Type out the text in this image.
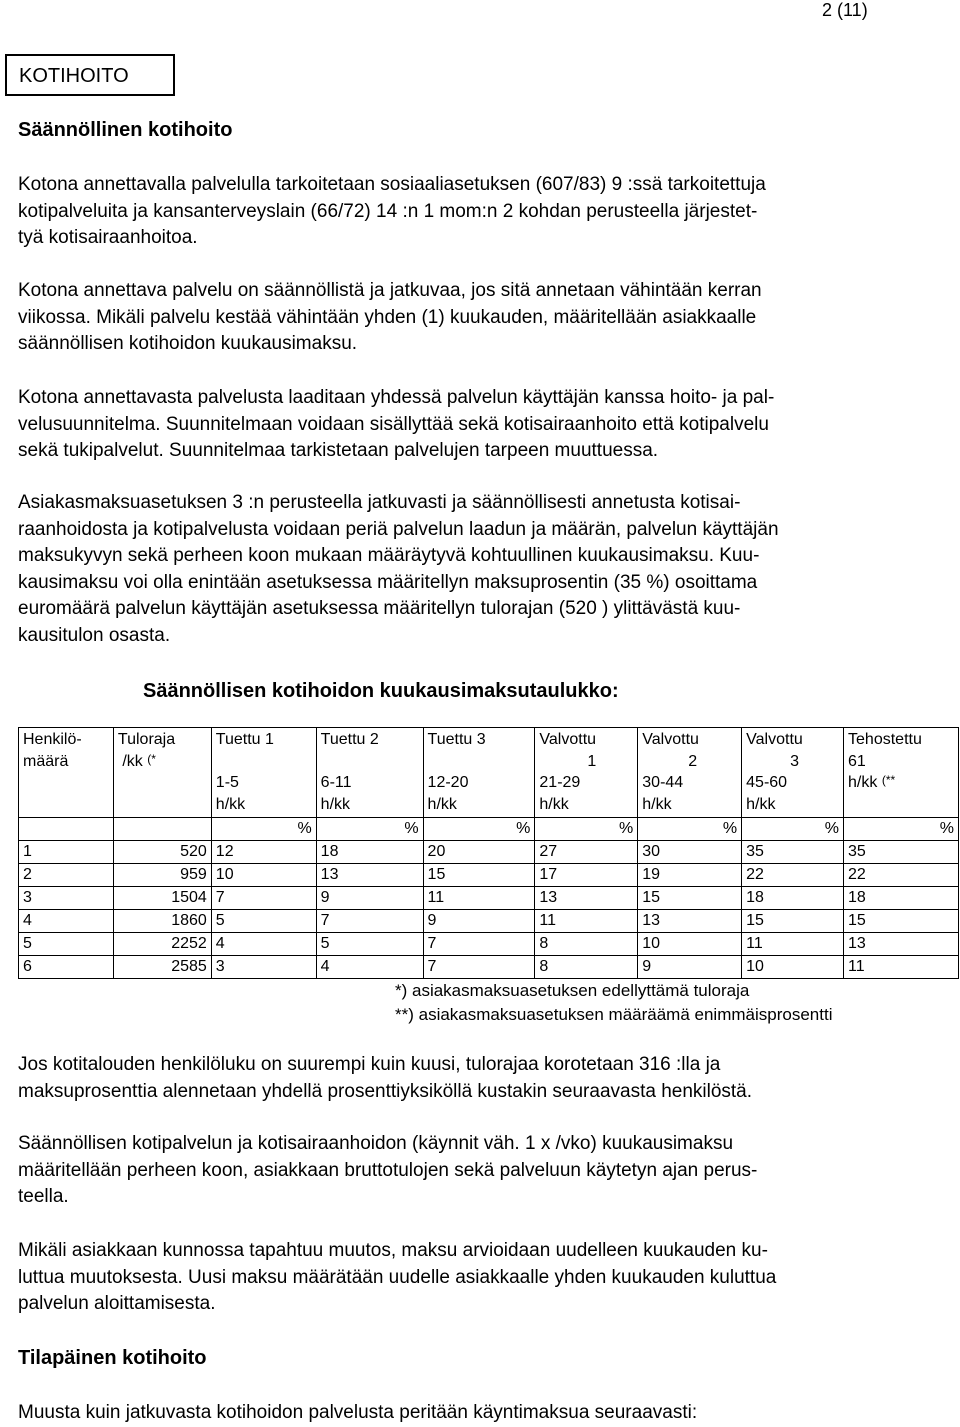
2 (11)
KOTIHOITO
Säännöllinen kotihoito
Kotona annettavalla palvelulla tarkoitetaan sosiaaliasetuksen (607/83) 9 :ssä tarkoitettuja
kotipalveluita ja kansanterveyslain (66/72) 14 :n 1 mom:n 2 kohdan perusteella järjestet-
tyä kotisairaanhoitoa.
Kotona annettava palvelu on säännöllistä ja jatkuvaa, jos sitä annetaan vähintään kerran
viikossa. Mikäli palvelu kestää vähintään yhden (1) kuukauden, määritellään asiakkaalle
säännöllisen kotihoidon kuukausimaksu.
Kotona annettavasta palvelusta laaditaan yhdessä palvelun käyttäjän kanssa hoito- ja pal-
velusuunnitelma. Suunnitelmaan voidaan sisällyttää sekä kotisairaanhoito että kotipalvelu
sekä tukipalvelut. Suunnitelmaa tarkistetaan palvelujen tarpeen muuttuessa.
Asiakasmaksuasetuksen 3 :n perusteella jatkuvasti ja säännöllisesti annetusta kotisai-
raanhoidosta ja kotipalvelusta voidaan periä palvelun laadun ja määrän, palvelun käyttäjän
maksukyvyn sekä perheen koon mukaan määräytyvä kohtuullinen kuukausimaksu. Kuu-
kausimaksu voi olla enintään asetuksessa määritellyn maksuprosentin (35 %) osoittama
euromäärä palvelun käyttäjän asetuksessa määritellyn tulorajan (520 ) ylittävästä kuu-
kausitulon osasta.
Säännöllisen kotihoidon kuukausimaksutaulukko:
Henkilö-
määrä	Tuloraja
/kk (*	Tuettu 1

1-5
h/kk	Tuettu 2

6-11
h/kk	Tuettu 3

12-20
h/kk	Valvottu
1
21-29
h/kk	Valvottu
2
30-44
h/kk	Valvottu
3
45-60
h/kk	Tehostettu
61
h/kk (**

		%	%	%	%	%	%	%
1	520	12	18	20	27	30	35	35
2	959	10	13	15	17	19	22	22
3	1504	7	9	11	13	15	18	18
4	1860	5	7	9	11	13	15	15
5	2252	4	5	7	8	10	11	13
6	2585	3	4	7	8	9	10	11
*) asiakasmaksuasetuksen edellyttämä tuloraja
**) asiakasmaksuasetuksen määräämä enimmäisprosentti
Jos kotitalouden henkilöluku on suurempi kuin kuusi, tulorajaa korotetaan 316 :lla ja
maksuprosenttia alennetaan yhdellä prosenttiyksiköllä kustakin seuraavasta henkilöstä.
Säännöllisen kotipalvelun ja kotisairaanhoidon (käynnit väh. 1 x /vko) kuukausimaksu
määritellään perheen koon, asiakkaan bruttotulojen sekä palveluun käytetyn ajan perus-
teella.
Mikäli asiakkaan kunnossa tapahtuu muutos, maksu arvioidaan uudelleen kuukauden ku-
luttua muutoksesta. Uusi maksu määrätään uudelle asiakkaalle yhden kuukauden kuluttua
palvelun aloittamisesta.
Tilapäinen kotihoito
Muusta kuin jatkuvasta kotihoidon palvelusta peritään käyntimaksua seuraavasti:
